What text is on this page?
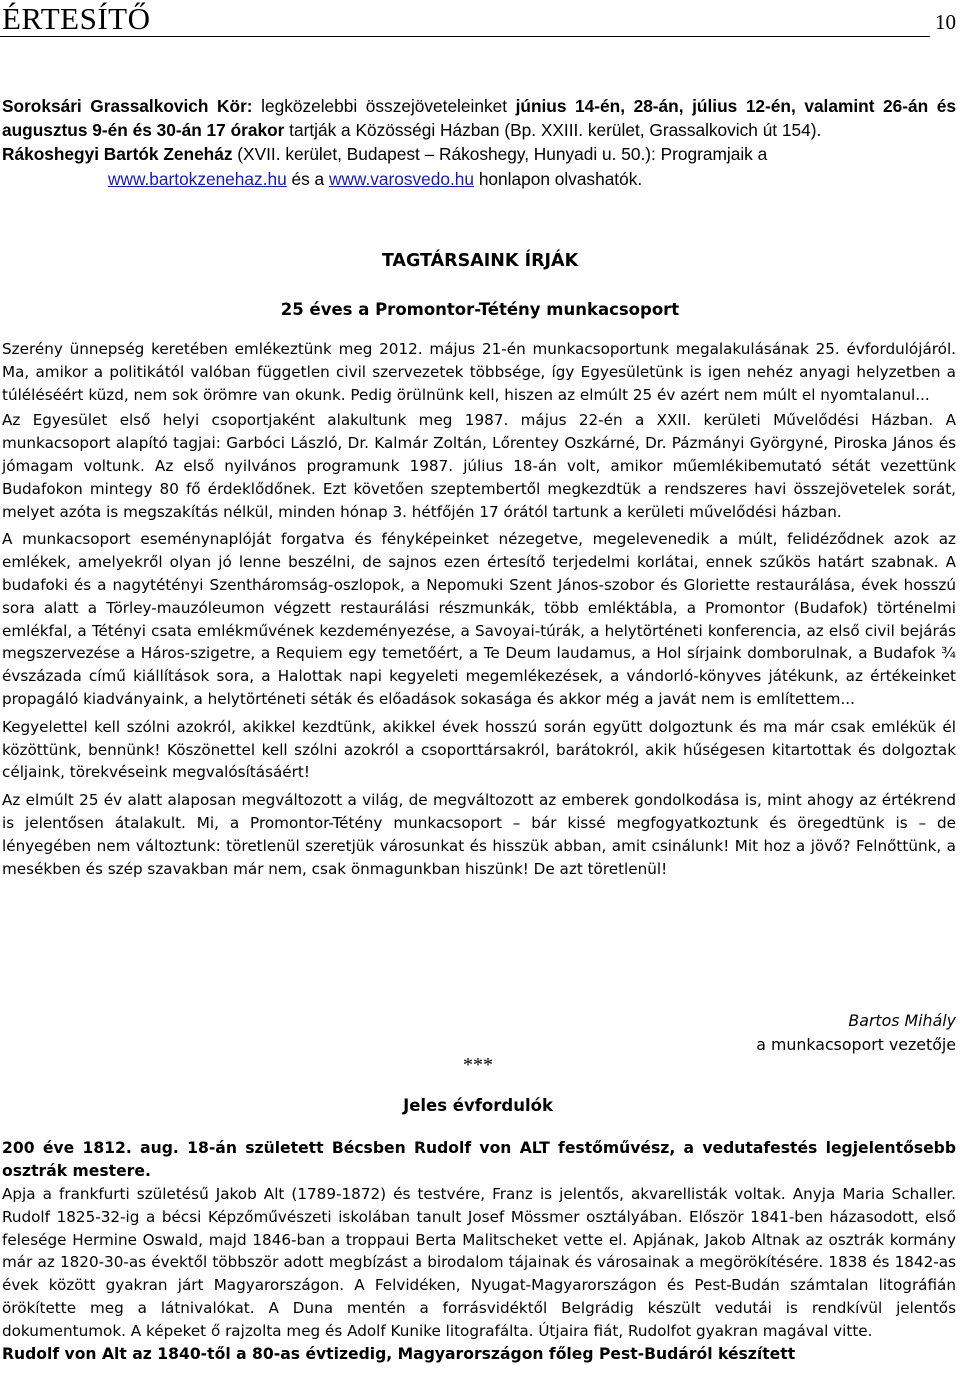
ÉRTESÍTŐ	10

Soroksári Grassalkovich Kör: legközelebbi összejöveteleinket június 14-én, 28-án, július 12-én, valamint 26-án és augusztus 9-én és 30-án 17 órakor tartják a Közösségi Házban (Bp. XXIII. kerület, Grassalkovich út 154).

Rákoshegyi Bartók Zeneház (XVII. kerület, Budapest – Rákoshegy, Hunyadi u. 50.): Programjaik a

www.bartokzenehaz.hu és a www.varosvedo.hu honlapon olvashatók.

TAGTÁRSAINK ÍRJÁK
25 éves a Promontor-Tétény munkacsoport

Szerény ünnepség keretében emlékeztünk meg 2012. május 21-én munkacsoportunk megalakulásának 25. évfordulójáról. Ma, amikor a politikától valóban független civil szervezetek többsége, így Egyesületünk is igen nehéz anyagi helyzetben a túléléséért küzd, nem sok örömre van okunk. Pedig örülnünk kell, hiszen az elmúlt 25 év azért nem múlt el nyomtalanul...

Az Egyesület első helyi csoportjaként alakultunk meg 1987. május 22-én a XXII. kerületi Művelődési Házban. A munkacsoport alapító tagjai: Garbóci László, Dr. Kalmár Zoltán, Lőrentey Oszkárné, Dr. Pázmányi Györgyné, Piroska János és jómagam voltunk. Az első nyilvános programunk 1987. július 18-án volt, amikor műemlékibemutató sétát vezettünk Budafokon mintegy 80 fő érdeklődőnek. Ezt követően szeptembertől megkezdtük a rendszeres havi összejövetelek sorát, melyet azóta is megszakítás nélkül, minden hónap 3. hétfőjén 17 órától tartunk a kerületi művelődési házban.

A munkacsoport eseménynaplóját forgatva és fényképeinket nézegetve, megelevenedik a múlt, felidéződnek azok az emlékek, amelyekről olyan jó lenne beszélni, de sajnos ezen értesítő terjedelmi korlátai, ennek szűkös határt szabnak. A budafoki és a nagytétényi Szentháromság-oszlopok, a Nepomuki Szent János-szobor és Gloriette restaurálása, évek hosszú sora alatt a Törley-mauzóleumon végzett restaurálási részmunkák, több emléktábla, a Promontor (Budafok) történelmi emlékfal, a Tétényi csata emlékművének kezdeményezése, a Savoyai-túrák, a helytörténeti konferencia, az első civil bejárás megszervezése a Háros-szigetre, a Requiem egy temetőért, a Te Deum laudamus, a Hol sírjaink domborulnak, a Budafok ¾ évszázada című kiállítások sora, a Halottak napi kegyeleti megemlékezések, a vándorló-könyves játékunk, az értékeinket propagáló kiadványaink, a helytörténeti séták és előadások sokasága és akkor még a javát nem is említettem...

Kegyelettel kell szólni azokról, akikkel kezdtünk, akikkel évek hosszú során együtt dolgoztunk és ma már csak emlékük él közöttünk, bennünk! Köszönettel kell szólni azokról a csoporttársakról, barátokról, akik hűségesen kitartottak és dolgoztak céljaink, törekvéseink megvalósításáért!

Az elmúlt 25 év alatt alaposan megváltozott a világ, de megváltozott az emberek gondolkodása is, mint ahogy az értékrend is jelentősen átalakult. Mi, a Promontor-Tétény munkacsoport – bár kissé megfogyatkoztunk és öregedtünk is – de lényegében nem változtunk: töretlenül szeretjük városunkat és hisszük abban, amit csinálunk! Mit hoz a jövő? Felnőttünk, a mesékben és szép szavakban már nem, csak önmagunkban hiszünk! De azt töretlenül!

Bartos Mihály
a munkacsoport vezetője
***
Jeles évfordulók
200 éve 1812. aug. 18-án született Bécsben Rudolf von ALT festőművész, a vedutafestés legjelentősebb osztrák mestere.

Apja a frankfurti születésű Jakob Alt (1789-1872) és testvére, Franz is jelentős, akvarellisták voltak. Anyja Maria Schaller. Rudolf 1825-32-ig a bécsi Képzőművészeti iskolában tanult Josef Mössmer osztályában. Először 1841-ben házasodott, első felesége Hermine Oswald, majd 1846-ban a troppaui Berta Malitscheket vette el. Apjának, Jakob Altnak az osztrák kormány már az 1820-30-as évektől többször adott megbízást a birodalom tájainak és városainak a megörökítésére. 1838 és 1842-as évek között gyakran járt Magyarországon. A Felvidéken, Nyugat-Magyarországon és Pest-Budán számtalan litográfián örökítette meg a látnivalókat. A Duna mentén a forrásvidéktől Belgrádig készült vedutái is rendkívül jelentős dokumentumok. A képeket ő rajzolta meg és Adolf Kunike litografálta. Útjaira fiát, Rudolfot gyakran magával vitte.

Rudolf von Alt az 1840-től a 80-as évtizedig, Magyarországon főleg Pest-Budáról készített
